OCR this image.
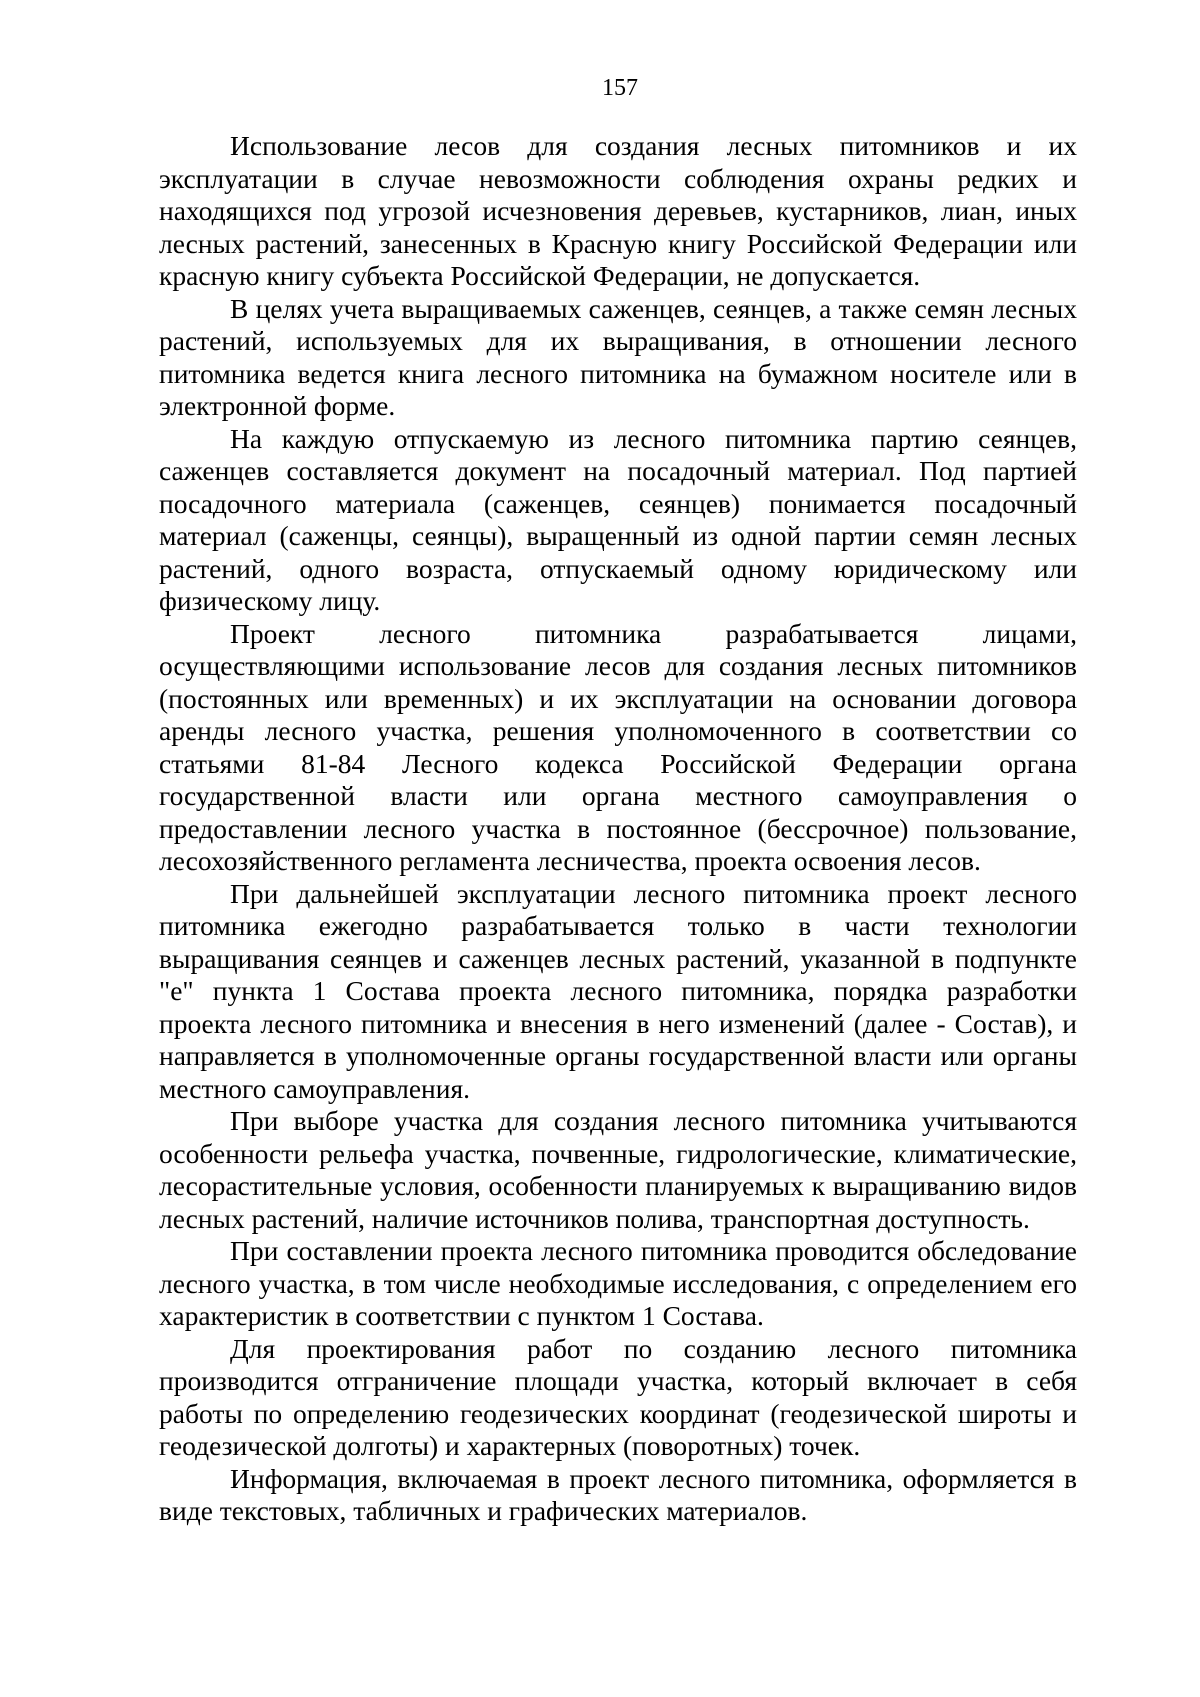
157

Использование лесов для создания лесных питомников и их эксплуатации в случае невозможности соблюдения охраны редких и находящихся под угрозой исчезновения деревьев, кустарников, лиан, иных лесных растений, занесенных в Красную книгу Российской Федерации или красную книгу субъекта Российской Федерации, не допускается.

В целях учета выращиваемых саженцев, сеянцев, а также семян лесных растений, используемых для их выращивания, в отношении лесного питомника ведется книга лесного питомника на бумажном носителе или в электронной форме.

На каждую отпускаемую из лесного питомника партию сеянцев, саженцев составляется документ на посадочный материал. Под партией посадочного материала (саженцев, сеянцев) понимается посадочный материал (саженцы, сеянцы), выращенный из одной партии семян лесных растений, одного возраста, отпускаемый одному юридическому или физическому лицу.

Проект лесного питомника разрабатывается лицами, осуществляющими использование лесов для создания лесных питомников (постоянных или временных) и их эксплуатации на основании договора аренды лесного участка, решения уполномоченного в соответствии со статьями 81-84 Лесного кодекса Российской Федерации органа государственной власти или органа местного самоуправления о предоставлении лесного участка в постоянное (бессрочное) пользование, лесохозяйственного регламента лесничества, проекта освоения лесов.

При дальнейшей эксплуатации лесного питомника проект лесного питомника ежегодно разрабатывается только в части технологии выращивания сеянцев и саженцев лесных растений, указанной в подпункте "е" пункта 1 Состава проекта лесного питомника, порядка разработки проекта лесного питомника и внесения в него изменений (далее - Состав), и направляется в уполномоченные органы государственной власти или органы местного самоуправления.

При выборе участка для создания лесного питомника учитываются особенности рельефа участка, почвенные, гидрологические, климатические, лесорастительные условия, особенности планируемых к выращиванию видов лесных растений, наличие источников полива, транспортная доступность.

При составлении проекта лесного питомника проводится обследование лесного участка, в том числе необходимые исследования, с определением его характеристик в соответствии с пунктом 1 Состава.

Для проектирования работ по созданию лесного питомника производится отграничение площади участка, который включает в себя работы по определению геодезических координат (геодезической широты и геодезической долготы) и характерных (поворотных) точек.

Информация, включаемая в проект лесного питомника, оформляется в виде текстовых, табличных и графических материалов.
